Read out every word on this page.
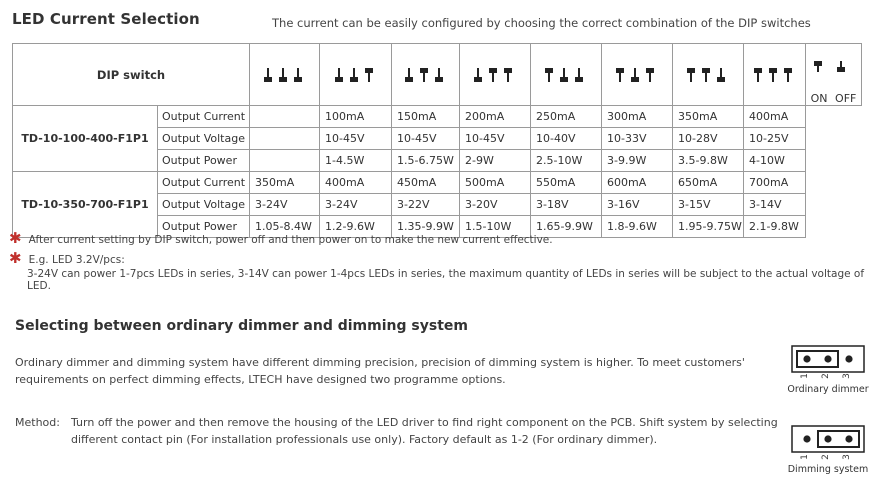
LED Current Selection	The current can be easily configured by choosing the correct combination of the DIP switches
DIP switch										ON OFF

TD-10-100-400-F1P1	Output Current		100mA	150mA	200mA	250mA	300mA	350mA	400mA	
	Output Voltage		10-45V	10-45V	10-45V	10-40V	10-33V	10-28V	10-25V	
	Output Power		1-4.5W	1.5-6.75W	2-9W	2.5-10W	3-9.9W	3.5-9.8W	4-10W	
TD-10-350-700-F1P1	Output Current	350mA	400mA	450mA	500mA	550mA	600mA	650mA	700mA	
	Output Voltage	3-24V	3-24V	3-22V	3-20V	3-18V	3-16V	3-15V	3-14V	
	Output Power	1.05-8.4W	1.2-9.6W	1.35-9.9W	1.5-10W	1.65-9.9W	1.8-9.6W	1.95-9.75W	2.1-9.8W	
✱ After current setting by DIP switch, power off and then power on to make the new current effective.
✱ E.g. LED 3.2V/pcs:
3-24V can power 1-7pcs LEDs in series, 3-14V can power 1-4pcs LEDs in series, the maximum quantity of LEDs in series will be subject to the actual voltage of LED.
Selecting between ordinary dimmer and dimming system
Ordinary dimmer and dimming system have different dimming precision, precision of dimming system is higher. To meet customers'
requirements on perfect dimming effects, LTECH have designed two programme options.
Method: Turn off the power and then remove the housing of the LED driver to find right component on the PCB. Shift system by selecting
different contact pin (For installation professionals use only). Factory default as 1-2 (For ordinary dimmer).
1 2 3
Ordinary dimmer
1 2 3
Dimming system
